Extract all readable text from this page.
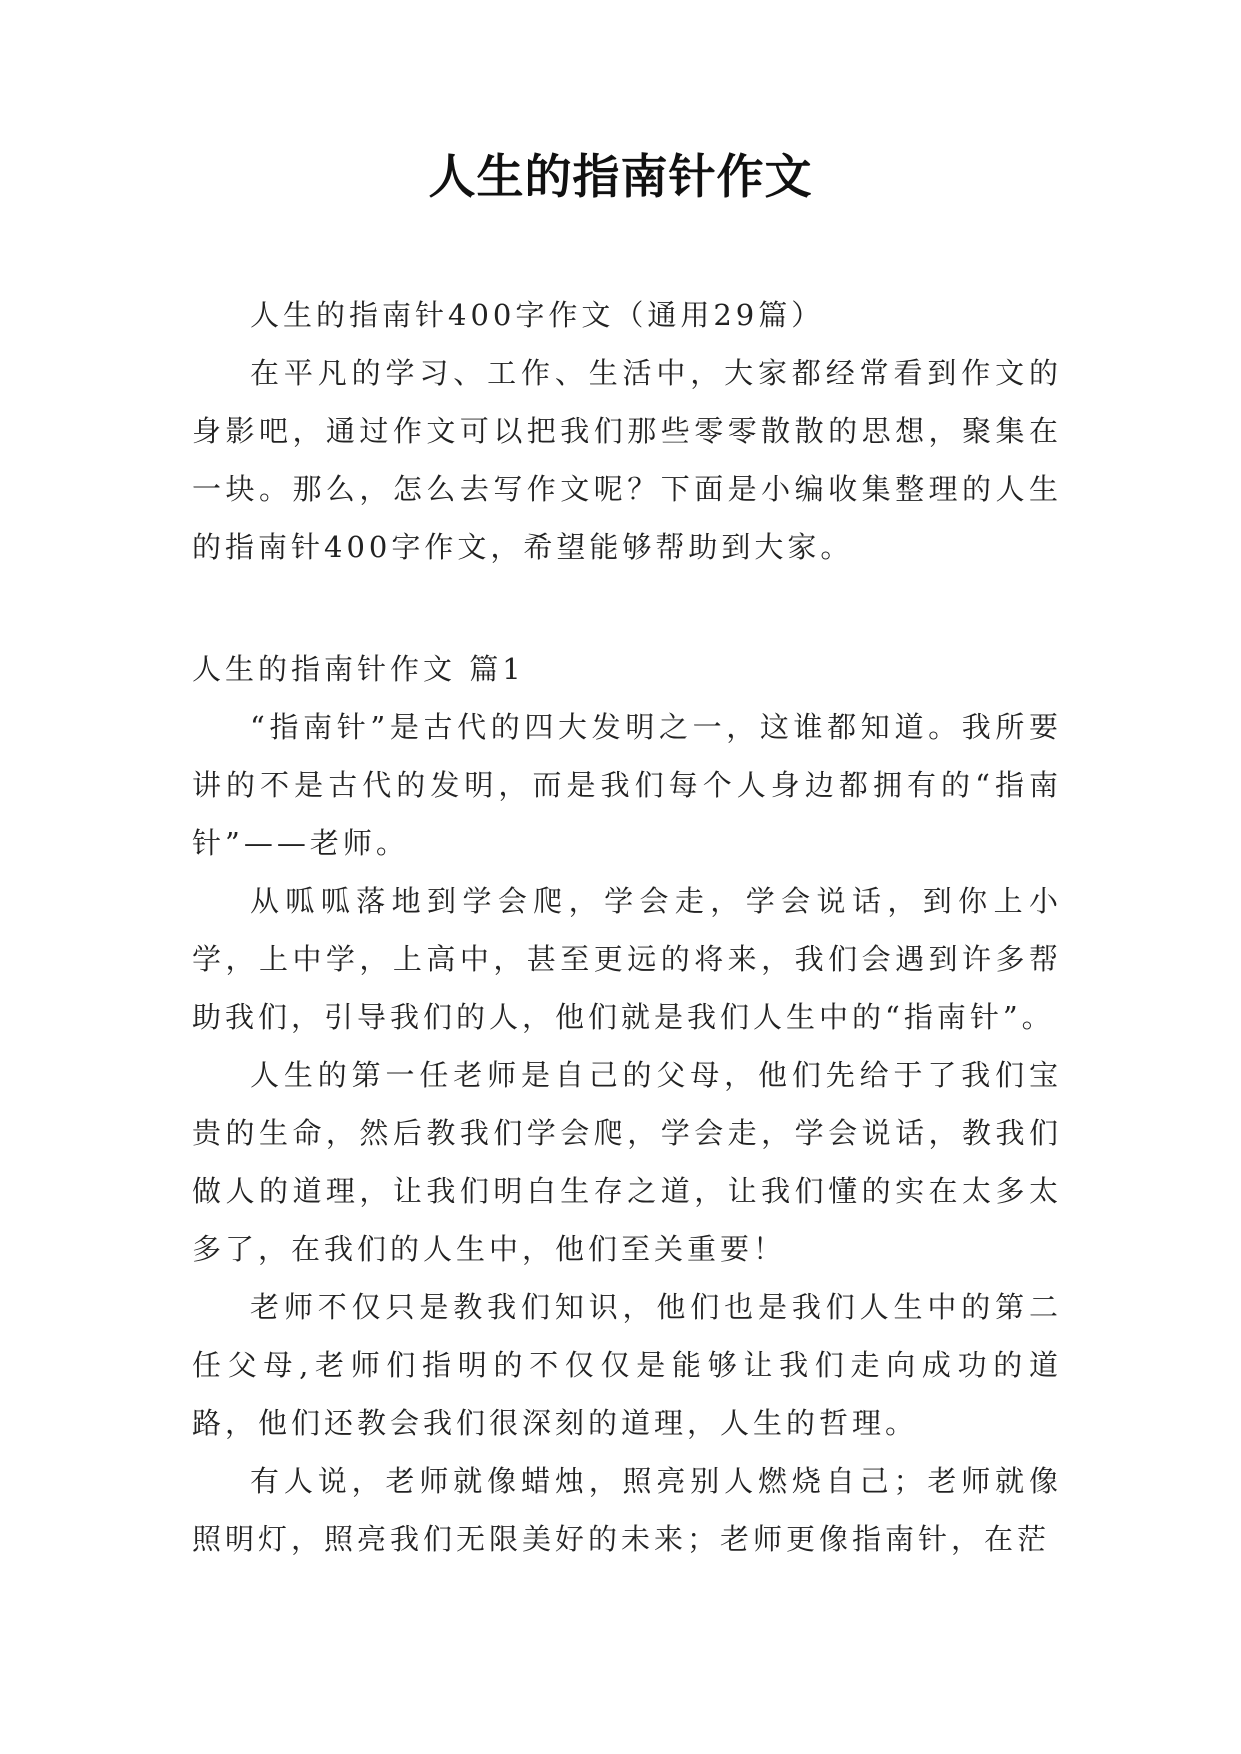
人生的指南针作文

人生的指南针400字作文（通用29篇）

在平凡的学习、工作、生活中，大家都经常看到作文的身影吧，通过作文可以把我们那些零零散散的思想，聚集在一块。那么，怎么去写作文呢？下面是小编收集整理的人生的指南针400字作文，希望能够帮助到大家。

人生的指南针作文 篇1

“指南针”是古代的四大发明之一，这谁都知道。我所要讲的不是古代的发明，而是我们每个人身边都拥有的“指南针”——老师。

从呱呱落地到学会爬，学会走，学会说话，到你上小学，上中学，上高中，甚至更远的将来，我们会遇到许多帮助我们，引导我们的人，他们就是我们人生中的“指南针”。

人生的第一任老师是自己的父母，他们先给于了我们宝贵的生命，然后教我们学会爬，学会走，学会说话，教我们做人的道理，让我们明白生存之道，让我们懂的实在太多太多了，在我们的人生中，他们至关重要！

老师不仅只是教我们知识，他们也是我们人生中的第二任父母,老师们指明的不仅仅是能够让我们走向成功的道路，他们还教会我们很深刻的道理，人生的哲理。

有人说，老师就像蜡烛，照亮别人燃烧自己；老师就像照明灯，照亮我们无限美好的未来；老师更像指南针，在茫
